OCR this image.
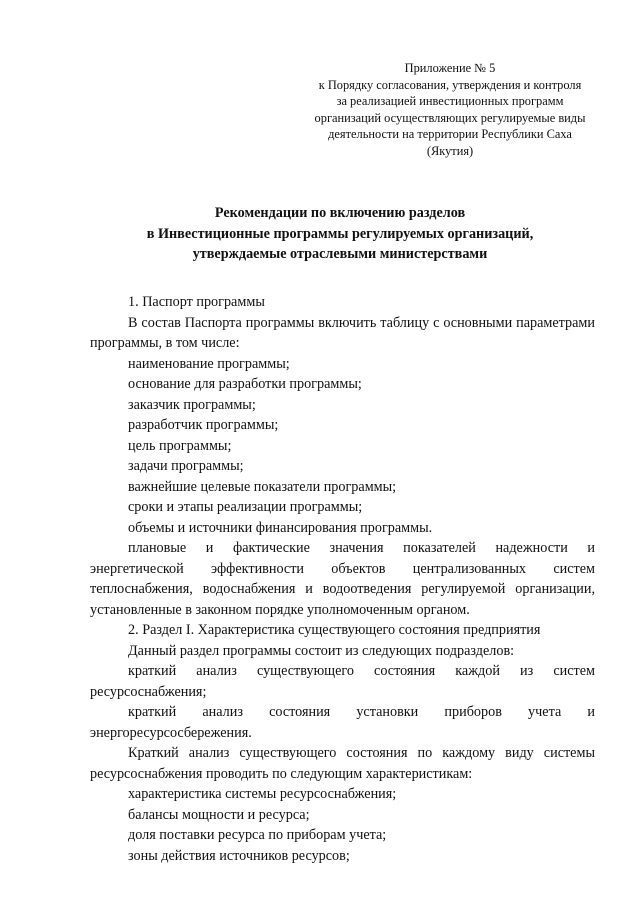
Приложение № 5
к Порядку согласования, утверждения и контроля
за реализацией инвестиционных программ
организаций осуществляющих регулируемые виды
деятельности на территории Республики Саха
(Якутия)
Рекомендации по включению разделов
в Инвестиционные программы регулируемых организаций,
утверждаемые отраслевыми министерствами

1. Паспорт программы

В состав Паспорта программы включить таблицу с основными параметрами программы, в том числе:

наименование программы;

основание для разработки программы;

заказчик программы;

разработчик программы;

цель программы;

задачи программы;

важнейшие целевые показатели программы;

сроки и этапы реализации программы;

объемы и источники финансирования программы.

плановые и фактические значения показателей надежности и энергетической эффективности объектов централизованных систем теплоснабжения, водоснабжения и водоотведения регулируемой организации, установленные в законном порядке уполномоченным органом.

2. Раздел I. Характеристика существующего состояния предприятия

Данный раздел программы состоит из следующих подразделов:

краткий анализ существующего состояния каждой из систем ресурсоснабжения;

краткий анализ состояния установки приборов учета и энергоресурсосбережения.

Краткий анализ существующего состояния по каждому виду системы ресурсоснабжения проводить по следующим характеристикам:

характеристика системы ресурсоснабжения;

балансы мощности и ресурса;

доля поставки ресурса по приборам учета;

зоны действия источников ресурсов;
